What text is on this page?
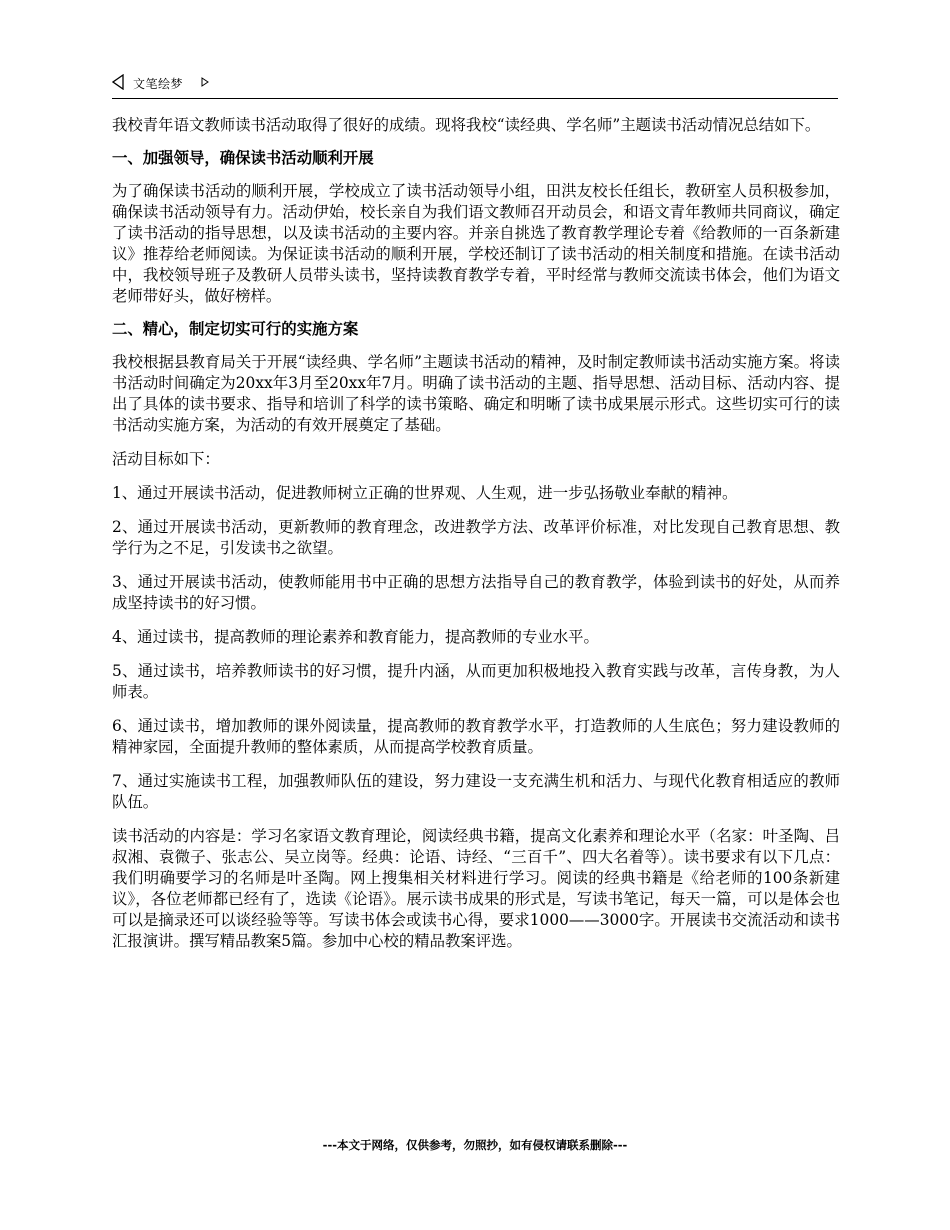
文笔绘梦

我校青年语文教师读书活动取得了很好的成绩。现将我校“读经典、学名师”主题读书活动情况总结如下。

一、加强领导，确保读书活动顺利开展

为了确保读书活动的顺利开展，学校成立了读书活动领导小组，田洪友校长任组长，教研室人员积极参加，确保读书活动领导有力。活动伊始，校长亲自为我们语文教师召开动员会，和语文青年教师共同商议，确定了读书活动的指导思想，以及读书活动的主要内容。并亲自挑选了教育教学理论专着《给教师的一百条新建议》推荐给老师阅读。为保证读书活动的顺利开展，学校还制订了读书活动的相关制度和措施。在读书活动中，我校领导班子及教研人员带头读书，坚持读教育教学专着，平时经常与教师交流读书体会，他们为语文老师带好头，做好榜样。

二、精心，制定切实可行的实施方案

我校根据县教育局关于开展“读经典、学名师”主题读书活动的精神，及时制定教师读书活动实施方案。将读书活动时间确定为20xx年3月至20xx年7月。明确了读书活动的主题、指导思想、活动目标、活动内容、提出了具体的读书要求、指导和培训了科学的读书策略、确定和明晰了读书成果展示形式。这些切实可行的读书活动实施方案，为活动的有效开展奠定了基础。

活动目标如下：

1、通过开展读书活动，促进教师树立正确的世界观、人生观，进一步弘扬敬业奉献的精神。

2、通过开展读书活动，更新教师的教育理念，改进教学方法、改革评价标准，对比发现自己教育思想、教学行为之不足，引发读书之欲望。

3、通过开展读书活动，使教师能用书中正确的思想方法指导自己的教育教学，体验到读书的好处，从而养成坚持读书的好习惯。

4、通过读书，提高教师的理论素养和教育能力，提高教师的专业水平。

5、通过读书，培养教师读书的好习惯，提升内涵，从而更加积极地投入教育实践与改革，言传身教，为人师表。

6、通过读书，增加教师的课外阅读量，提高教师的教育教学水平，打造教师的人生底色；努力建设教师的精神家园，全面提升教师的整体素质，从而提高学校教育质量。

7、通过实施读书工程，加强教师队伍的建设，努力建设一支充满生机和活力、与现代化教育相适应的教师队伍。

读书活动的内容是：学习名家语文教育理论，阅读经典书籍，提高文化素养和理论水平（名家：叶圣陶、吕叔湘、袁微子、张志公、吴立岗等。经典：论语、诗经、“三百千”、四大名着等）。读书要求有以下几点：我们明确要学习的名师是叶圣陶。网上搜集相关材料进行学习。阅读的经典书籍是《给老师的100条新建议》，各位老师都已经有了，选读《论语》。展示读书成果的形式是，写读书笔记，每天一篇，可以是体会也可以是摘录还可以谈经验等等。写读书体会或读书心得，要求1000——3000字。开展读书交流活动和读书汇报演讲。撰写精品教案5篇。参加中心校的精品教案评选。

---本文于网络，仅供参考，勿照抄，如有侵权请联系删除---
